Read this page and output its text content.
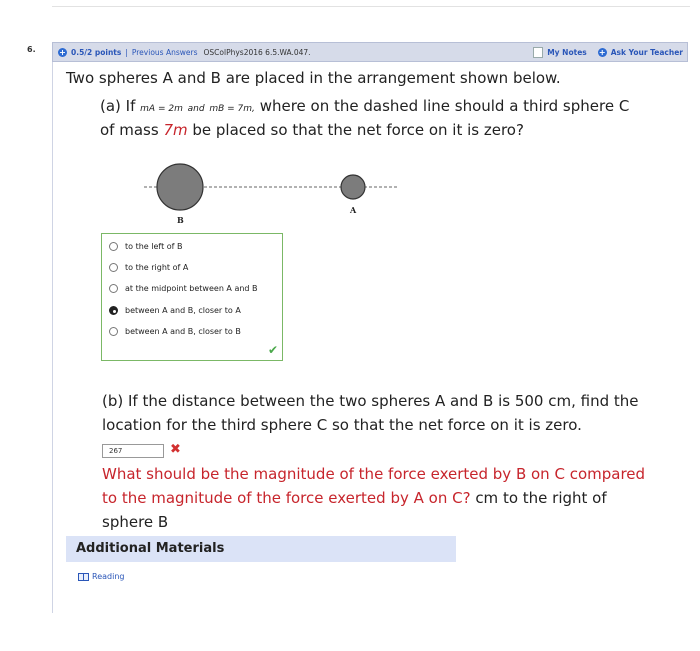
6.	+ 0.5/2 points | Previous Answers OSColPhys2016 6.5.WA.047.	My Notes + Ask Your Teacher
Two spheres A and B are placed in the arrangement shown below.
(a) If mA = 2m and mB = 7m, where on the dashed line should a third sphere C
of mass 7m be placed so that the net force on it is zero?
B
A
to the left of B
to the right of A
at the midpoint between A and B
between A and B, closer to A
between A and B, closer to B
✔
(b) If the distance between the two spheres A and B is 500 cm, find the
location for the third sphere C so that the net force on it is zero.
267	✖
What should be the magnitude of the force exerted by B on C compared
to the magnitude of the force exerted by A on C? cm to the right of
sphere B
Additional Materials
Reading
